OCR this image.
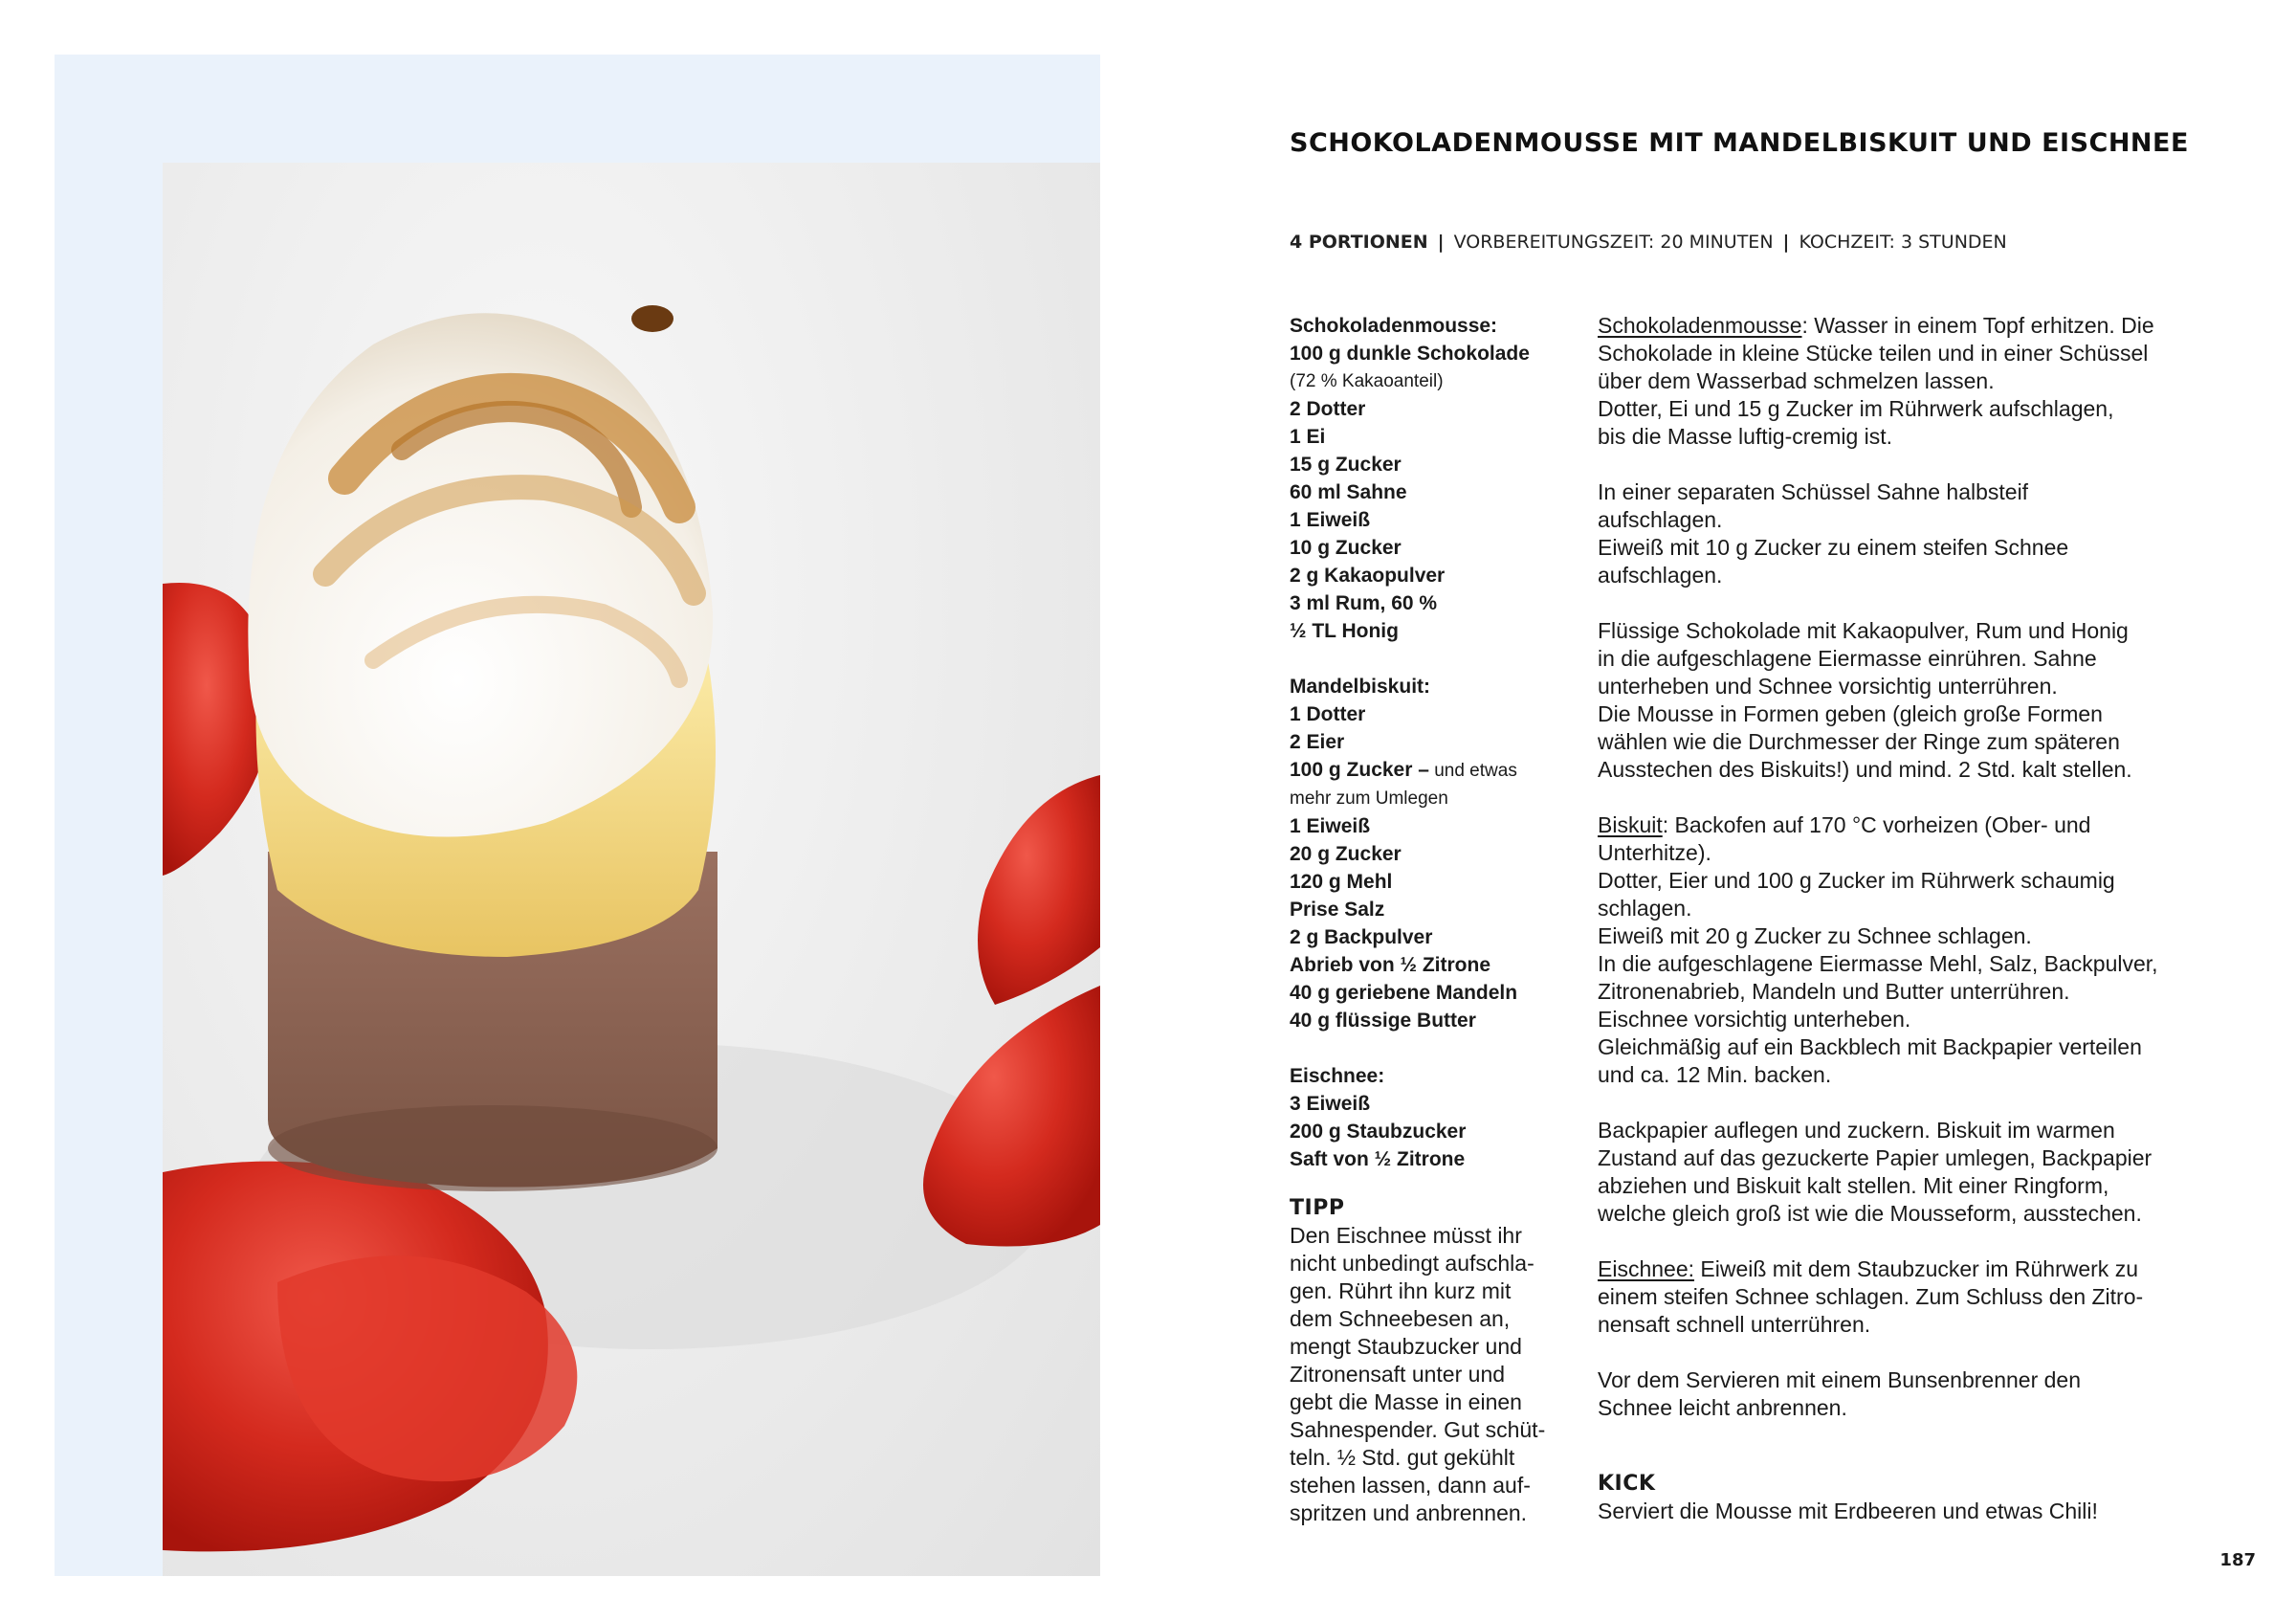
SCHOKOLADENMOUSSE MIT MANDELBISKUIT UND EISCHNEE
4 PORTIONEN | VORBEREITUNGSZEIT: 20 MINUTEN | KOCHZEIT: 3 STUNDEN
Schokoladenmousse:
100 g dunkle Schokolade
(72 % Kakaoanteil)
2 Dotter
1 Ei
15 g Zucker
60 ml Sahne
1 Eiweiß
10 g Zucker
2 g Kakaopulver
3 ml Rum, 60 %
½ TL Honig
Mandelbiskuit:
1 Dotter
2 Eier
100 g Zucker – und etwas
mehr zum Umlegen
1 Eiweiß
20 g Zucker
120 g Mehl
Prise Salz
2 g Backpulver
Abrieb von ½ Zitrone
40 g geriebene Mandeln
40 g flüssige Butter
Eischnee:
3 Eiweiß
200 g Staubzucker
Saft von ½ Zitrone
TIPP
Den Eischnee müsst ihr
nicht unbedingt aufschla-
gen. Rührt ihn kurz mit
dem Schneebesen an,
mengt Staubzucker und
Zitronensaft unter und
gebt die Masse in einen
Sahnespender. Gut schüt-
teln. ½ Std. gut gekühlt
stehen lassen, dann auf-
spritzen und anbrennen.
Schokoladenmousse: Wasser in einem Topf erhitzen. Die
Schokolade in kleine Stücke teilen und in einer Schüssel
über dem Wasserbad schmelzen lassen.
Dotter, Ei und 15 g Zucker im Rührwerk aufschlagen,
bis die Masse luftig-cremig ist.
In einer separaten Schüssel Sahne halbsteif
aufschlagen.
Eiweiß mit 10 g Zucker zu einem steifen Schnee
aufschlagen.
Flüssige Schokolade mit Kakaopulver, Rum und Honig
in die aufgeschlagene Eiermasse einrühren. Sahne
unterheben und Schnee vorsichtig unterrühren.
Die Mousse in Formen geben (gleich große Formen
wählen wie die Durchmesser der Ringe zum späteren
Ausstechen des Biskuits!) und mind. 2 Std. kalt stellen.
Biskuit: Backofen auf 170 °C vorheizen (Ober- und
Unterhitze).
Dotter, Eier und 100 g Zucker im Rührwerk schaumig
schlagen.
Eiweiß mit 20 g Zucker zu Schnee schlagen.
In die aufgeschlagene Eiermasse Mehl, Salz, Backpulver,
Zitronenabrieb, Mandeln und Butter unterrühren.
Eischnee vorsichtig unterheben.
Gleichmäßig auf ein Backblech mit Backpapier verteilen
und ca. 12 Min. backen.
Backpapier auflegen und zuckern. Biskuit im warmen
Zustand auf das gezuckerte Papier umlegen, Backpapier
abziehen und Biskuit kalt stellen. Mit einer Ringform,
welche gleich groß ist wie die Mousseform, ausstechen.
Eischnee: Eiweiß mit dem Staubzucker im Rührwerk zu
einem steifen Schnee schlagen. Zum Schluss den Zitro-
nensaft schnell unterrühren.
Vor dem Servieren mit einem Bunsenbrenner den
Schnee leicht anbrennen.
KICK
Serviert die Mousse mit Erdbeeren und etwas Chili!
187
